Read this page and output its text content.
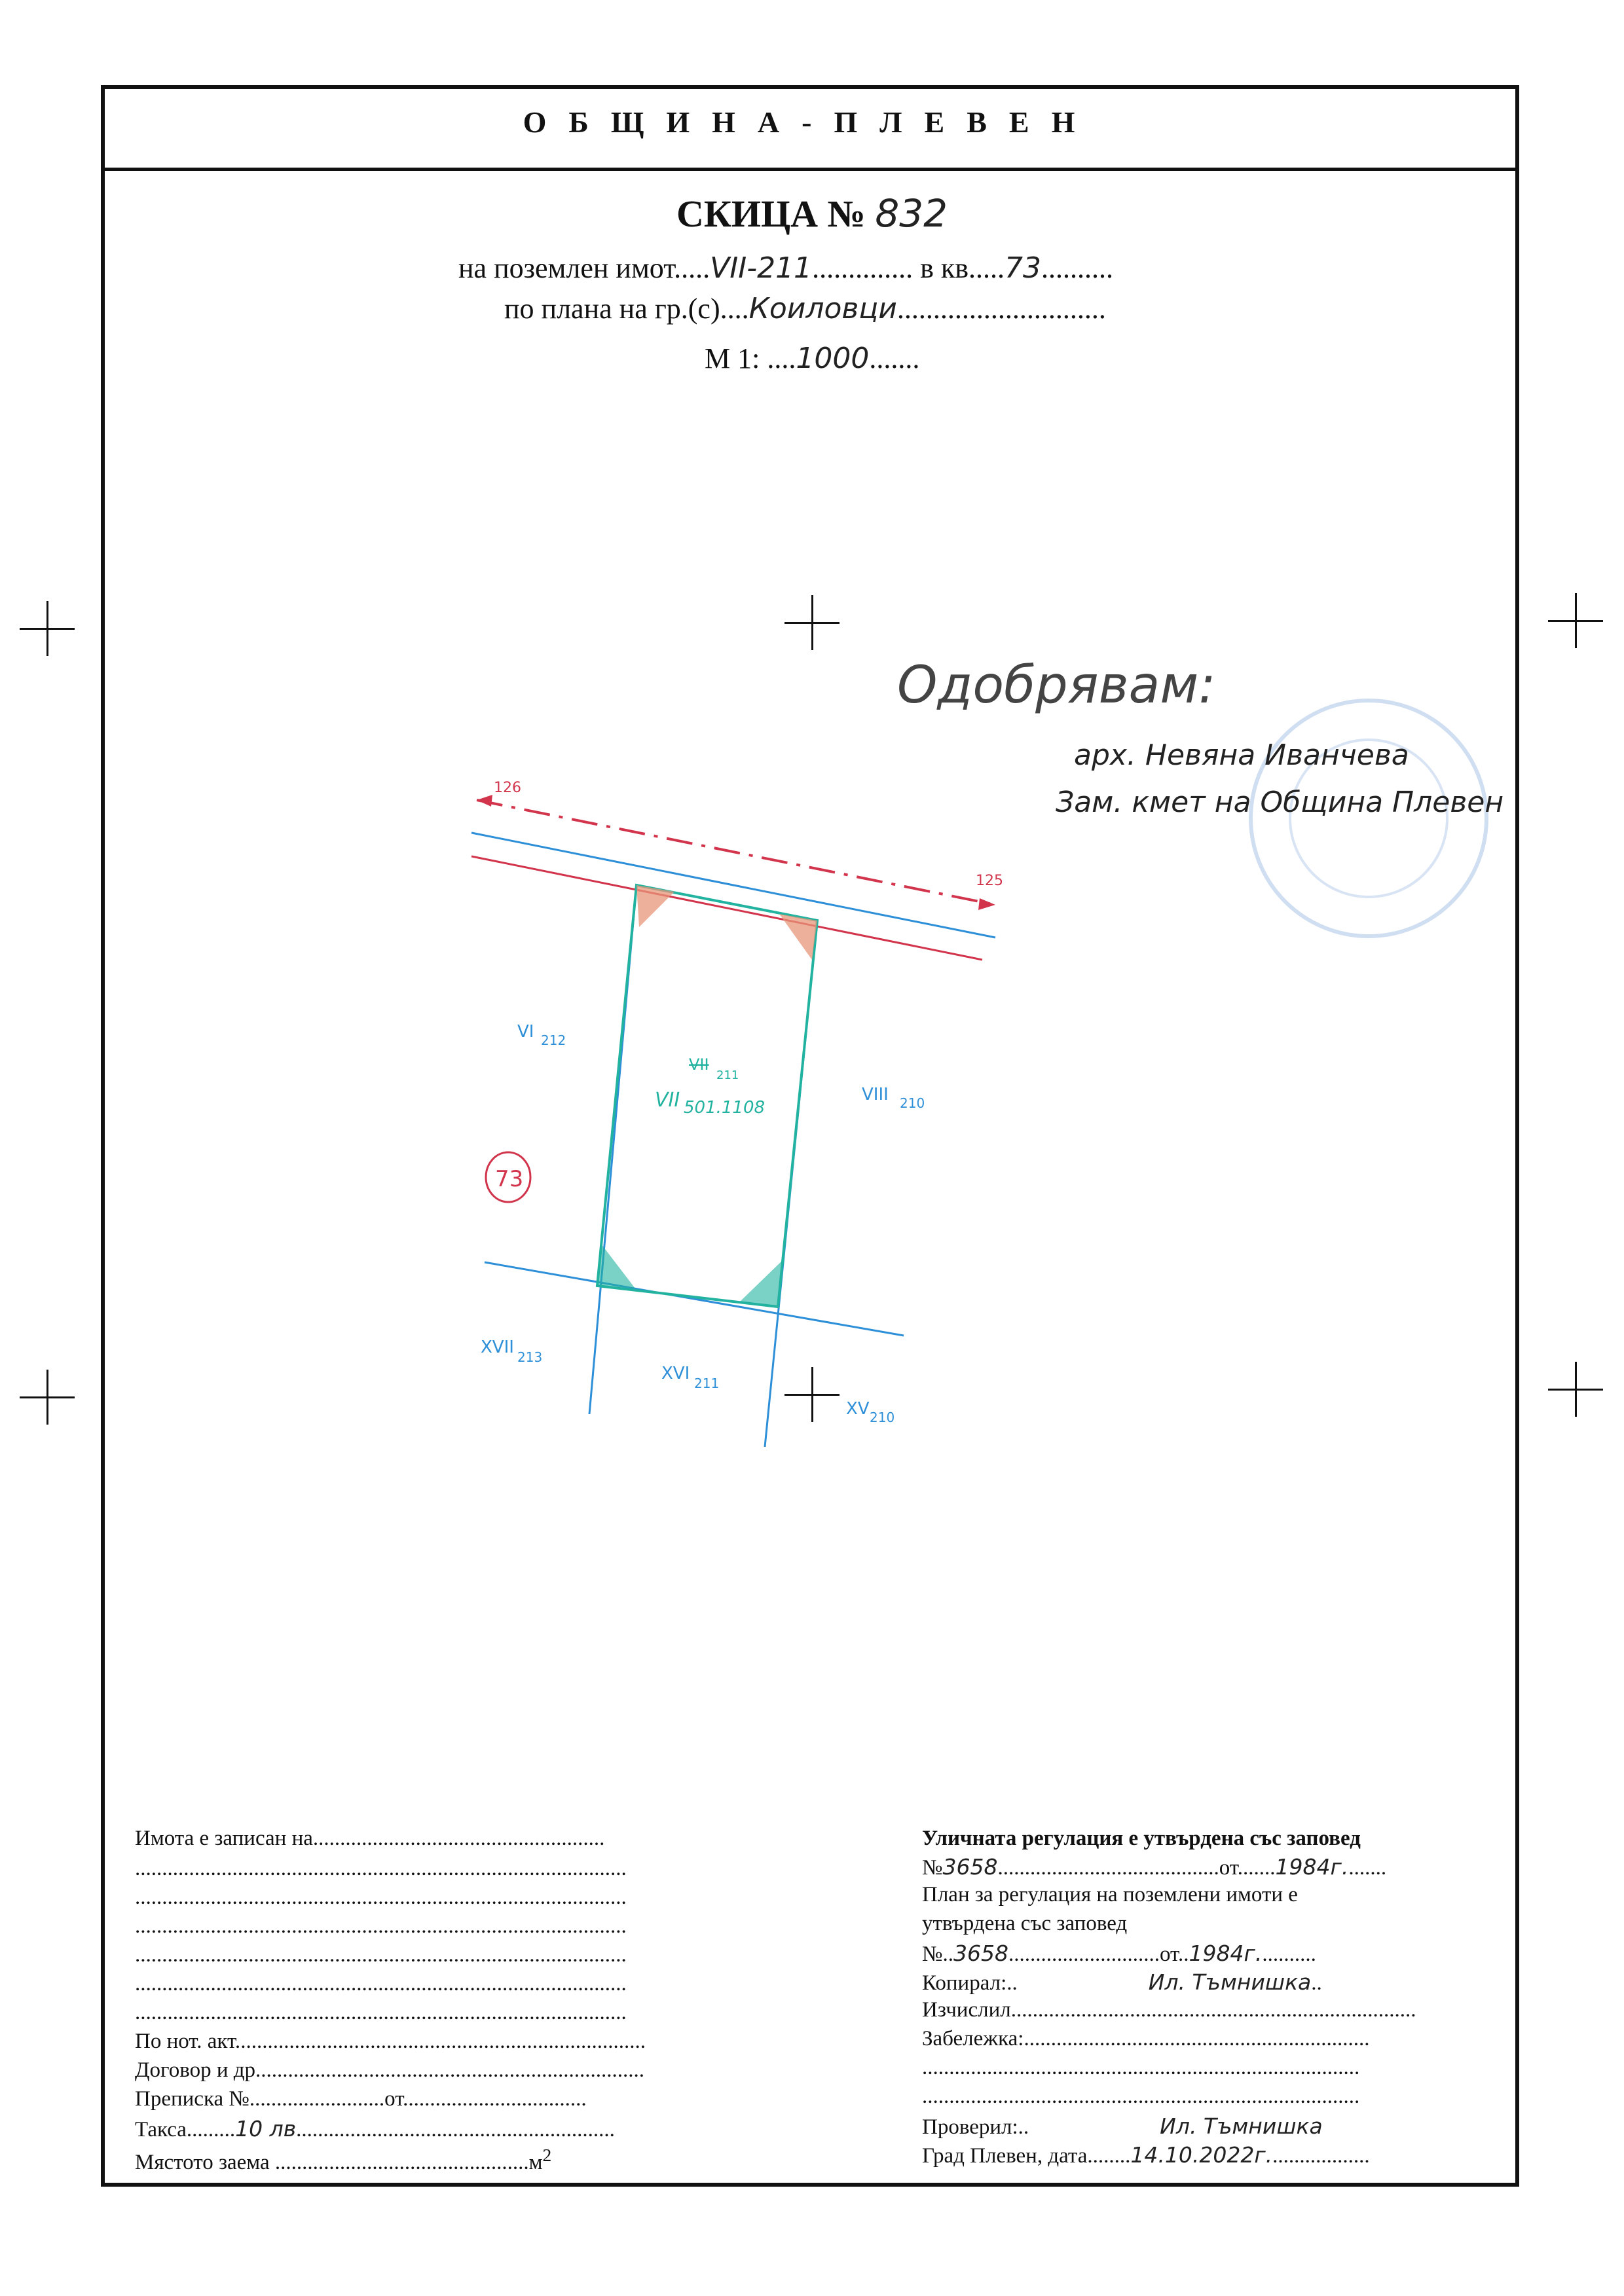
ОБЩИНА-ПЛЕВЕН
СКИЦА № 832
на поземлен имот.....VII-211.............. в кв.....73..........
по плана на гр.(с)....Коиловци.............................
М 1: ....1000.......
Одобрявам:
арх. Невяна Иванчева
Зам. кмет на Община Плевен
126
125
VI 212
VIII 210
XVII 213
XVI 211
XV 210
VII
211
VII 501.1108
73
Имота е записан на......................................................
...........................................................................................
...........................................................................................
...........................................................................................
...........................................................................................
...........................................................................................
...........................................................................................
По нот. акт............................................................................
Договор и др........................................................................
Преписка №.........................от..................................
Такса.........10 лв...........................................................
Мястото заема $...............................................м^2$
Уличната регулация е утвърдена със заповед
№3658.........................................от.......1984г........
План за регулация на поземлени имоти е
утвърдена със заповед
№..3658............................от..1984г...........
Копирал:..	Ил. Тъмнишка..
Изчислил...........................................................................
Забележка:................................................................
.................................................................................
.................................................................................
Проверил:..	Ил. Тъмнишка
Град Плевен, дата........14.10.2022г...................
